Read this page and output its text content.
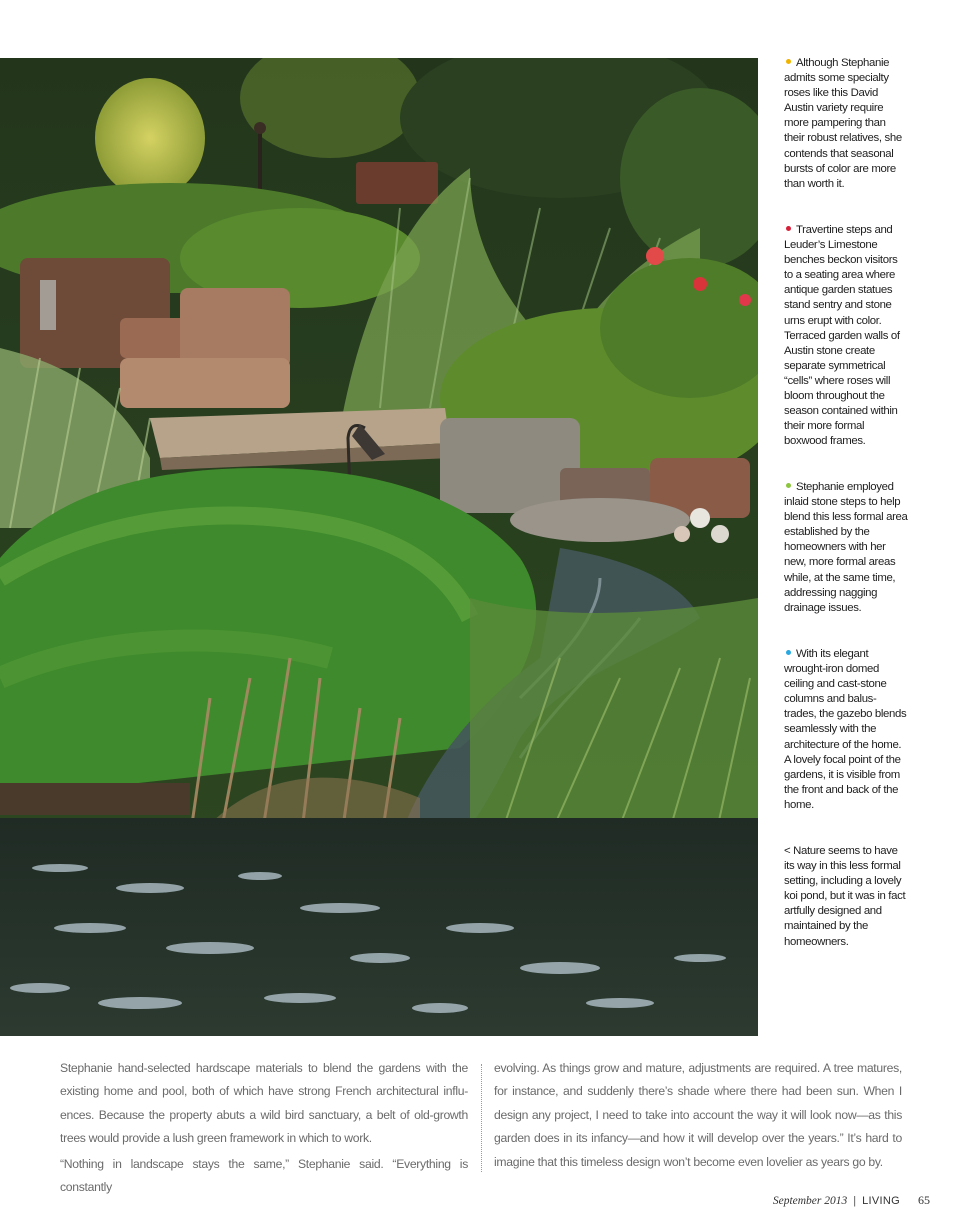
Although Stephanie admits some specialty roses like this David Austin variety require more pampering than their robust relatives, she contends that seasonal bursts of color are more than worth it.
Travertine steps and Leuder’s Limestone benches beckon visitors to a seating area where antique garden statues stand sentry and stone urns erupt with color. Terraced garden walls of Austin stone create separate symmetrical “cells” where roses will bloom throughout the season contained within their more formal boxwood frames.
Stephanie employed inlaid stone steps to help blend this less formal area established by the homeowners with her new, more formal areas while, at the same time, addressing nagging drainage issues.
With its elegant wrought-iron domed ceiling and cast-stone columns and balus-trades, the gazebo blends seamlessly with the architecture of the home. A lovely focal point of the gardens, it is visible from the front and back of the home.
< Nature seems to have its way in this less formal setting, including a lovely koi pond, but it was in fact artfully designed and maintained by the homeowners.

Stephanie hand-selected hardscape materials to blend the gardens with the existing home and pool, both of which have strong French architectural influ-ences. Because the property abuts a wild bird sanctuary, a belt of old-growth trees would provide a lush green framework in which to work.

“Nothing in landscape stays the same,” Stephanie said. “Everything is constantly

evolving. As things grow and mature, adjustments are required. A tree matures, for instance, and suddenly there’s shade where there had been sun. When I design any project, I need to take into account the way it will look now—as this garden does in its infancy—and how it will develop over the years.” It’s hard to imagine that this timeless design won’t become even lovelier as years go by.

September 2013 | LIVING 65
